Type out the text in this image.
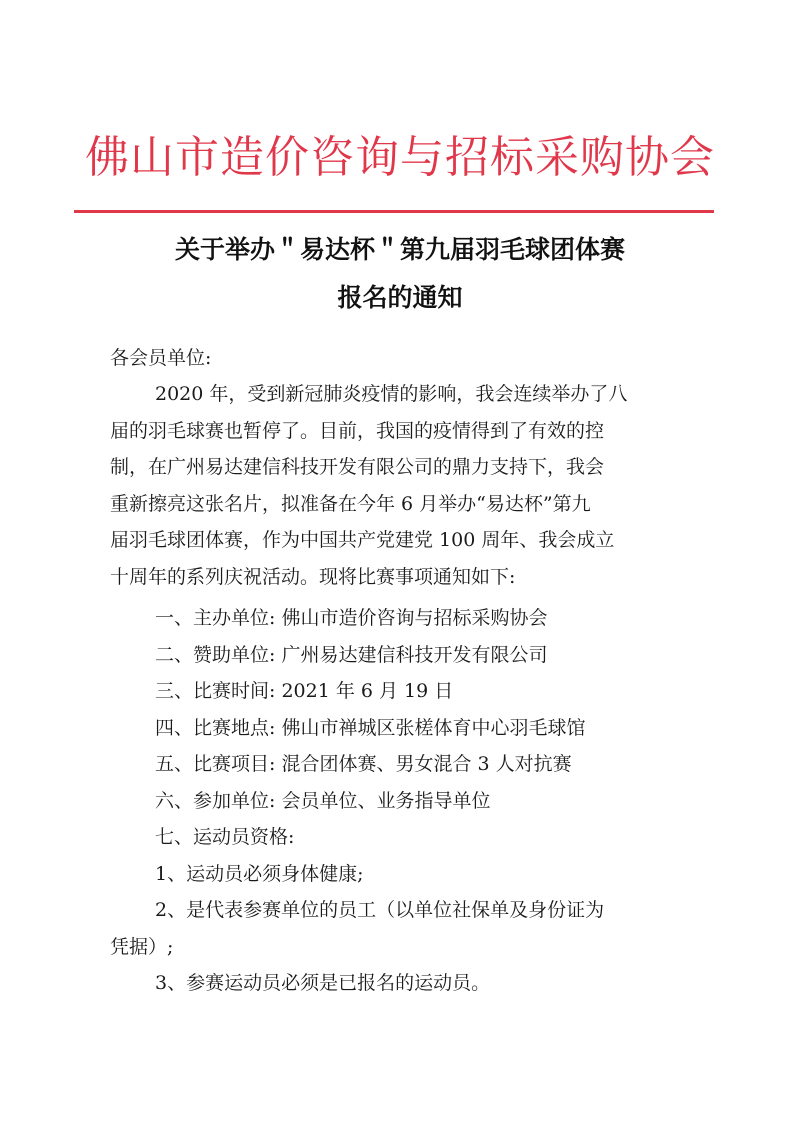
佛山市造价咨询与招标采购协会
关于举办＂易达杯＂第九届羽毛球团体赛
报名的通知
各会员单位:
2020 年，受到新冠肺炎疫情的影响，我会连续举办了八
届的羽毛球赛也暂停了。目前，我国的疫情得到了有效的控
制，在广州易达建信科技开发有限公司的鼎力支持下，我会
重新擦亮这张名片，拟准备在今年 6 月举办“易达杯”第九
届羽毛球团体赛，作为中国共产党建党 100 周年、我会成立
十周年的系列庆祝活动。现将比赛事项通知如下:
一、主办单位: 佛山市造价咨询与招标采购协会
二、赞助单位: 广州易达建信科技开发有限公司
三、比赛时间: 2021 年 6 月 19 日
四、比赛地点: 佛山市禅城区张槎体育中心羽毛球馆
五、比赛项目: 混合团体赛、男女混合 3 人对抗赛
六、参加单位: 会员单位、业务指导单位
七、运动员资格:
1、运动员必须身体健康;
2、是代表参赛单位的员工（以单位社保单及身份证为
凭据）;
3、参赛运动员必须是已报名的运动员。
